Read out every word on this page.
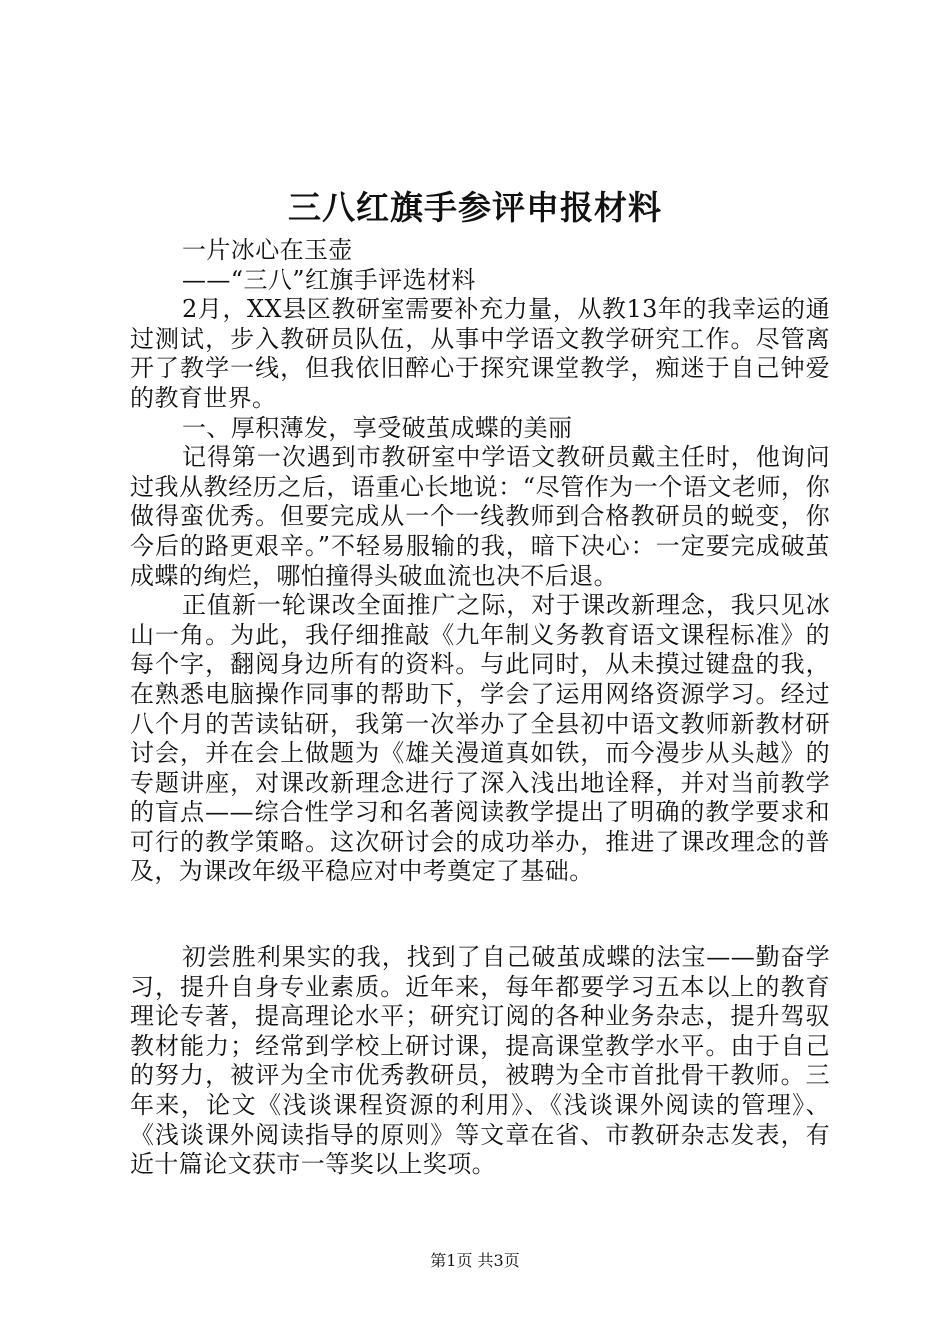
三八红旗手参评申报材料

一片冰心在玉壶

——“三八”红旗手评选材料

2月，XX县区教研室需要补充力量，从教13年的我幸运的通过测试，步入教研员队伍，从事中学语文教学研究工作。尽管离开了教学一线，但我依旧醉心于探究课堂教学，痴迷于自己钟爱的教育世界。

一、厚积薄发，享受破茧成蝶的美丽

记得第一次遇到市教研室中学语文教研员戴主任时，他询问过我从教经历之后，语重心长地说：“尽管作为一个语文老师，你做得蛮优秀。但要完成从一个一线教师到合格教研员的蜕变，你今后的路更艰辛。”不轻易服输的我，暗下决心：一定要完成破茧成蝶的绚烂，哪怕撞得头破血流也决不后退。

正值新一轮课改全面推广之际，对于课改新理念，我只见冰山一角。为此，我仔细推敲《九年制义务教育语文课程标准》的每个字，翻阅身边所有的资料。与此同时，从未摸过键盘的我，在熟悉电脑操作同事的帮助下，学会了运用网络资源学习。经过八个月的苦读钻研，我第一次举办了全县初中语文教师新教材研讨会，并在会上做题为《雄关漫道真如铁，而今漫步从头越》的专题讲座，对课改新理念进行了深入浅出地诠释，并对当前教学的盲点——综合性学习和名著阅读教学提出了明确的教学要求和可行的教学策略。这次研讨会的成功举办，推进了课改理念的普及，为课改年级平稳应对中考奠定了基础。

初尝胜利果实的我，找到了自己破茧成蝶的法宝——勤奋学习，提升自身专业素质。近年来，每年都要学习五本以上的教育理论专著，提高理论水平；研究订阅的各种业务杂志，提升驾驭教材能力；经常到学校上研讨课，提高课堂教学水平。由于自己的努力，被评为全市优秀教研员，被聘为全市首批骨干教师。三年来，论文《浅谈课程资源的利用》、《浅谈课外阅读的管理》、《浅谈课外阅读指导的原则》等文章在省、市教研杂志发表，有近十篇论文获市一等奖以上奖项。

第1页 共3页
